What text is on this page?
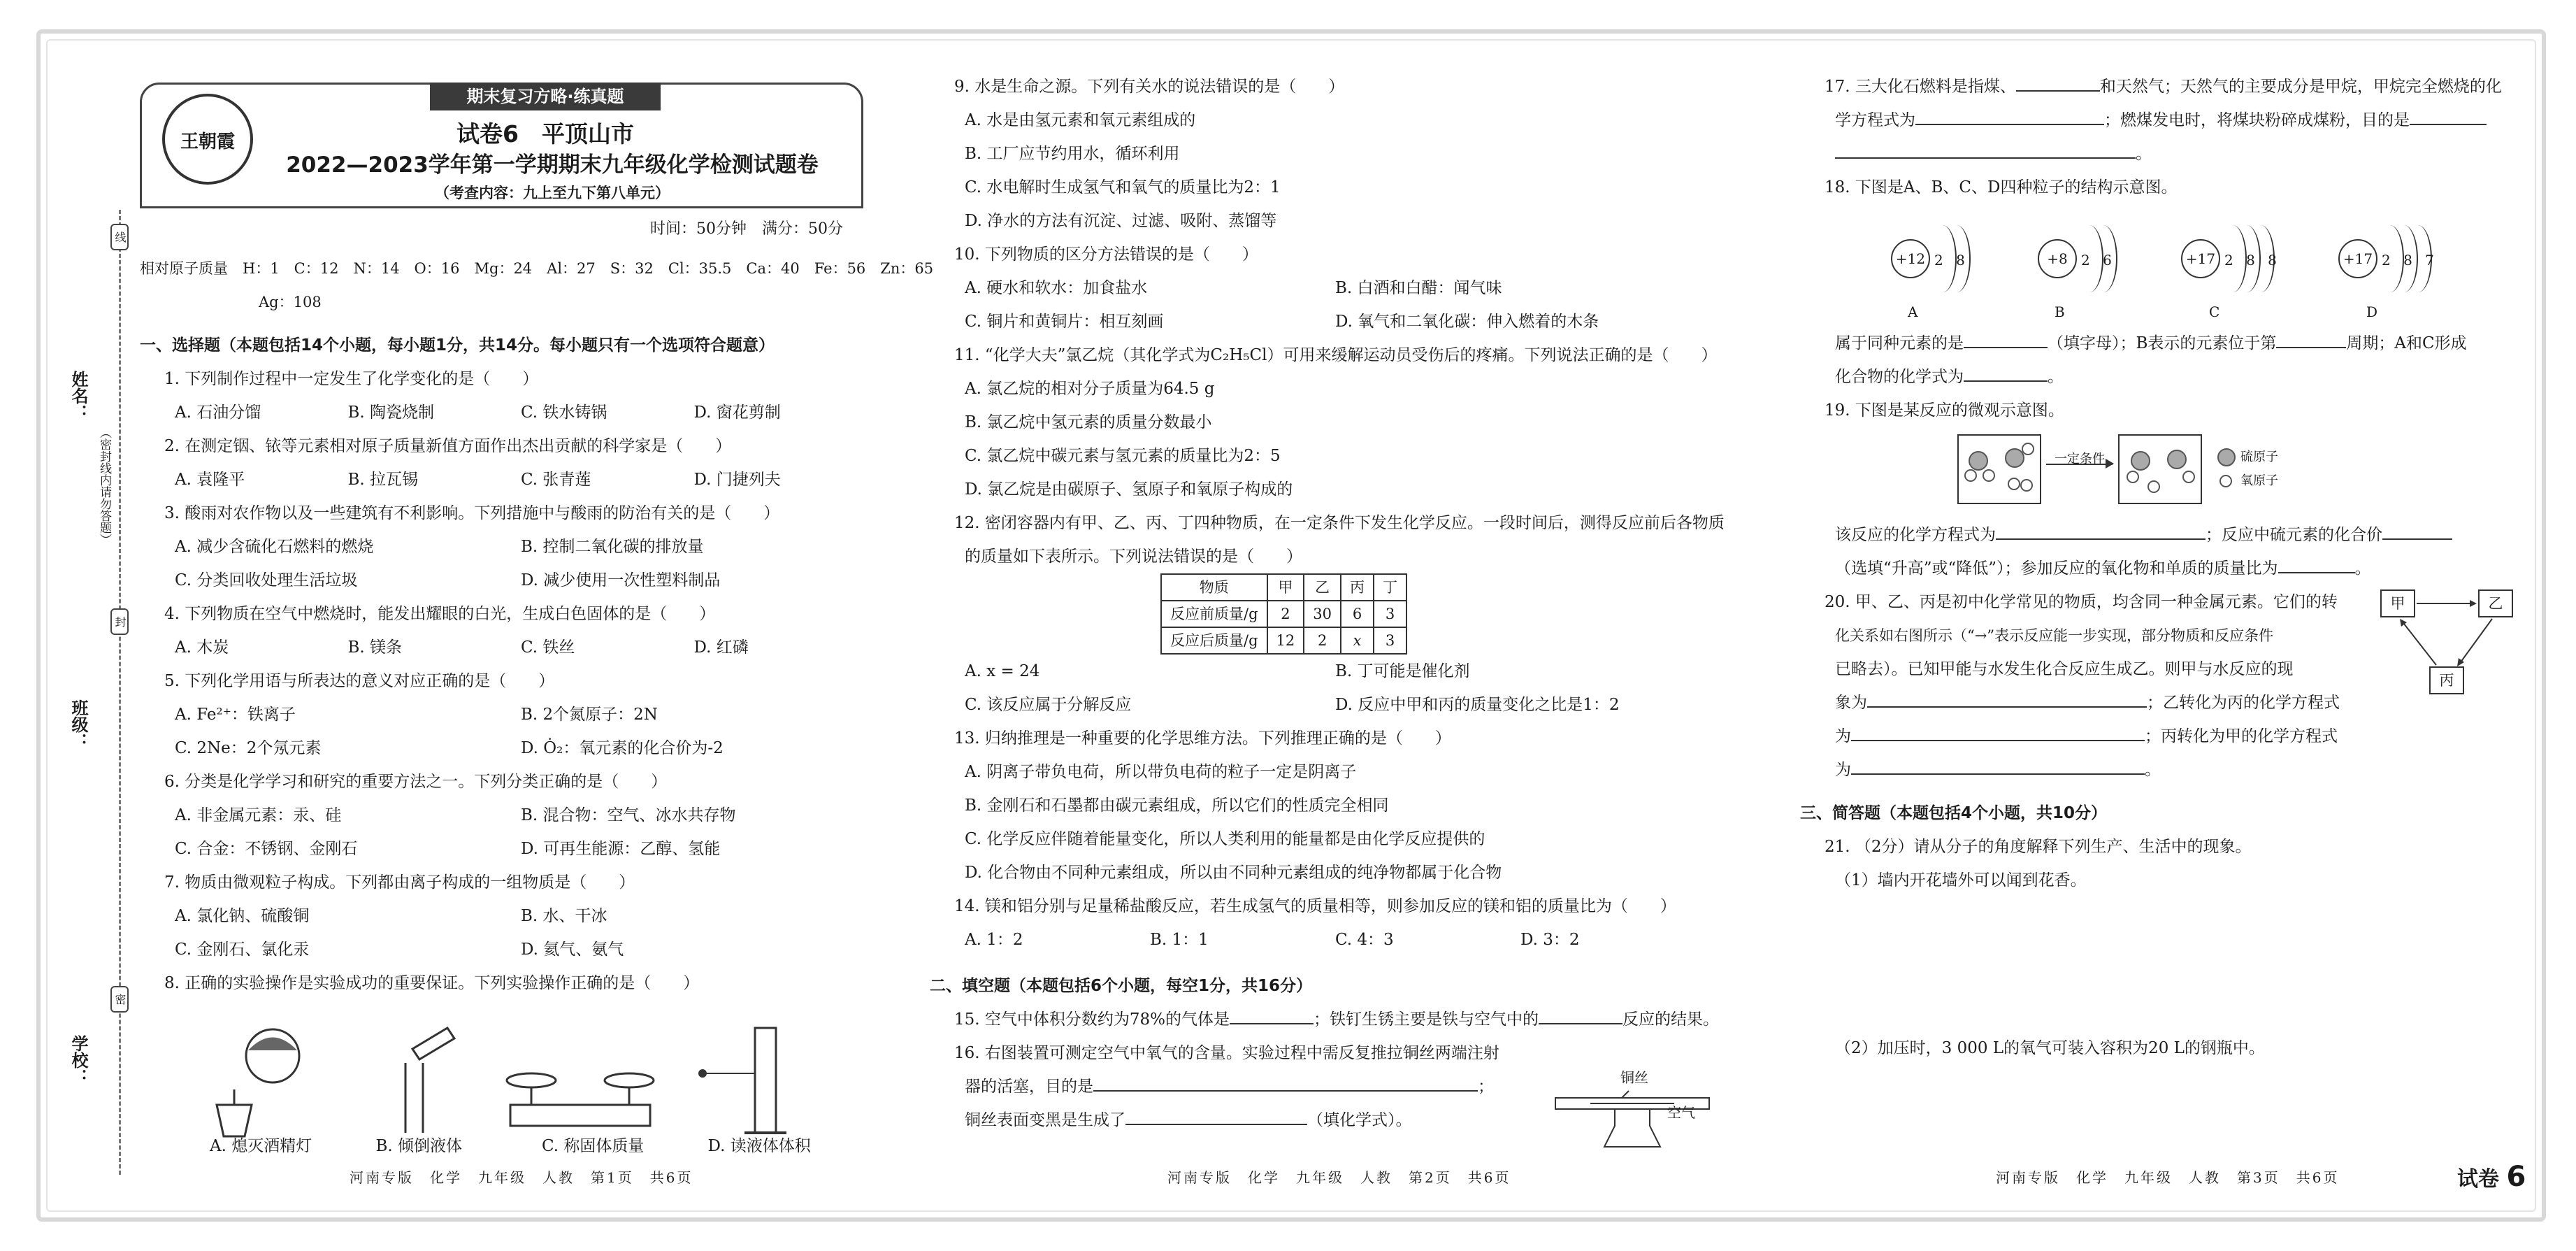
线
封
密
（密封线内请勿答题）
姓名：
班级：
学校：
期末复习方略·练真题
王朝霞	试卷6　平顶山市
2022—2023学年第一学期期末九年级化学检测试题卷
（考查内容：九上至九下第八单元）
时间：50分钟　满分：50分
相对原子质量　H：1　C：12　N：14　O：16　Mg：24　Al：27　S：32　Cl：35.5　Ca：40　Fe：56　Zn：65
Ag：108
一、选择题（本题包括14个小题，每小题1分，共14分。每小题只有一个选项符合题意）
1. 下列制作过程中一定发生了化学变化的是（　　）
A. 石油分馏	B. 陶瓷烧制	C. 铁水铸锅	D. 窗花剪制
2. 在测定铟、铱等元素相对原子质量新值方面作出杰出贡献的科学家是（　　）
A. 袁隆平	B. 拉瓦锡	C. 张青莲	D. 门捷列夫
3. 酸雨对农作物以及一些建筑有不利影响。下列措施中与酸雨的防治有关的是（　　）
A. 减少含硫化石燃料的燃烧	B. 控制二氧化碳的排放量
C. 分类回收处理生活垃圾	D. 减少使用一次性塑料制品
4. 下列物质在空气中燃烧时，能发出耀眼的白光，生成白色固体的是（　　）
A. 木炭	B. 镁条	C. 铁丝	D. 红磷
5. 下列化学用语与所表达的意义对应正确的是（　　）
A. Fe²⁺：铁离子	B. 2个氮原子：2N
C. 2Ne：2个氖元素	D. Ȯ₂：氧元素的化合价为-2
6. 分类是化学学习和研究的重要方法之一。下列分类正确的是（　　）
A. 非金属元素：汞、硅	B. 混合物：空气、冰水共存物
C. 合金：不锈钢、金刚石	D. 可再生能源：乙醇、氢能
7. 物质由微观粒子构成。下列都由离子构成的一组物质是（　　）
A. 氯化钠、硫酸铜	B. 水、干冰
C. 金刚石、氯化汞	D. 氦气、氨气
8. 正确的实验操作是实验成功的重要保证。下列实验操作正确的是（　　）
A. 熄灭酒精灯	B. 倾倒液体	C. 称固体质量	D. 读液体体积
9. 水是生命之源。下列有关水的说法错误的是（　　）
A. 水是由氢元素和氧元素组成的
B. 工厂应节约用水，循环利用
C. 水电解时生成氢气和氧气的质量比为2：1
D. 净水的方法有沉淀、过滤、吸附、蒸馏等
10. 下列物质的区分方法错误的是（　　）
A. 硬水和软水：加食盐水	B. 白酒和白醋：闻气味
C. 铜片和黄铜片：相互刻画	D. 氧气和二氧化碳：伸入燃着的木条
11. “化学大夫”氯乙烷（其化学式为C₂H₅Cl）可用来缓解运动员受伤后的疼痛。下列说法正确的是（　　）
A. 氯乙烷的相对分子质量为64.5 g
B. 氯乙烷中氢元素的质量分数最小
C. 氯乙烷中碳元素与氢元素的质量比为2：5
D. 氯乙烷是由碳原子、氢原子和氧原子构成的
12. 密闭容器内有甲、乙、丙、丁四种物质，在一定条件下发生化学反应。一段时间后，测得反应前后各物质
的质量如下表所示。下列说法错误的是（　　）
物质	甲	乙	丙	丁
反应前质量/g	2	30	6	3
反应后质量/g	12	2	x	3
A. x = 24	B. 丁可能是催化剂
C. 该反应属于分解反应	D. 反应中甲和丙的质量变化之比是1：2
13. 归纳推理是一种重要的化学思维方法。下列推理正确的是（　　）
A. 阴离子带负电荷，所以带负电荷的粒子一定是阴离子
B. 金刚石和石墨都由碳元素组成，所以它们的性质完全相同
C. 化学反应伴随着能量变化，所以人类利用的能量都是由化学反应提供的
D. 化合物由不同种元素组成，所以由不同种元素组成的纯净物都属于化合物
14. 镁和铝分别与足量稀盐酸反应，若生成氢气的质量相等，则参加反应的镁和铝的质量比为（　　）
A. 1：2	B. 1：1	C. 4：3	D. 3：2
二、填空题（本题包括6个小题，每空1分，共16分）
15. 空气中体积分数约为78%的气体是	；铁钉生锈主要是铁与空气中的	反应的结果。
16. 右图装置可测定空气中氧气的含量。实验过程中需反复推拉铜丝两端注射
器的活塞，目的是	；
铜丝表面变黑是生成了	（填化学式）。
铜丝
空气
17. 三大化石燃料是指煤、	和天然气；天然气的主要成分是甲烷，甲烷完全燃烧的化
学方程式为	；燃煤发电时，将煤块粉碎成煤粉，目的是
。
18. 下图是A、B、C、D四种粒子的结构示意图。
+12 2 8
A
+8 2 6
B
+17 2 8 8
C
+17 2 8 7
D
属于同种元素的是	（填字母）；B表示的元素位于第	周期；A和C形成
化合物的化学式为	。
19. 下图是某反应的微观示意图。
一定条件	硫原子
氧原子
该反应的化学方程式为	；反应中硫元素的化合价
（选填“升高”或“降低”）；参加反应的氧化物和单质的质量比为	。
20. 甲、乙、丙是初中化学常见的物质，均含同一种金属元素。它们的转
化关系如右图所示（“→”表示反应能一步实现，部分物质和反应条件
已略去）。已知甲能与水发生化合反应生成乙。则甲与水反应的现
象为	；乙转化为丙的化学方程式
为	；丙转化为甲的化学方程式
为	。
三、简答题（本题包括4个小题，共10分）
21. （2分）请从分子的角度解释下列生产、生活中的现象。
（1）墙内开花墙外可以闻到花香。
（2）加压时，3 000 L的氧气可装入容积为20 L的钢瓶中。
甲	乙
丙
河南专版　化学　九年级　人教　第1页　共6页	河南专版　化学　九年级　人教　第2页　共6页	河南专版　化学　九年级　人教　第3页　共6页	试卷 6
